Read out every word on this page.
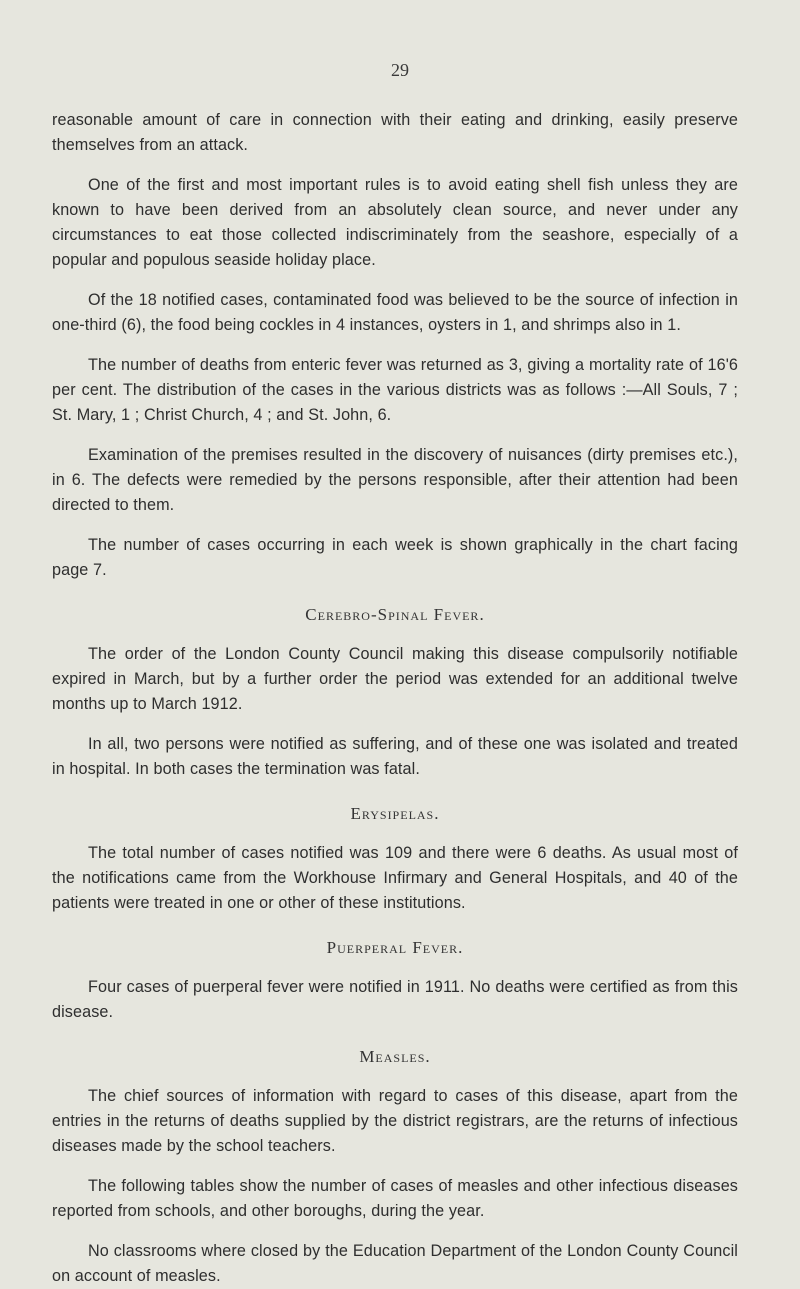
29

reasonable amount of care in connection with their eating and drinking, easily preserve themselves from an attack.

One of the first and most important rules is to avoid eating shell fish unless they are known to have been derived from an absolutely clean source, and never under any circumstances to eat those collected indiscriminately from the seashore, especially of a popular and populous seaside holiday place.

Of the 18 notified cases, contaminated food was believed to be the source of infection in one-third (6), the food being cockles in 4 instances, oysters in 1, and shrimps also in 1.

The number of deaths from enteric fever was returned as 3, giving a mortality rate of 16'6 per cent. The distribution of the cases in the various districts was as follows :—All Souls, 7 ; St. Mary, 1 ; Christ Church, 4 ; and St. John, 6.

Examination of the premises resulted in the discovery of nuisances (dirty premises etc.), in 6. The defects were remedied by the persons responsible, after their attention had been directed to them.

The number of cases occurring in each week is shown graphically in the chart facing page 7.

Cerebro-Spinal Fever.

The order of the London County Council making this disease compulsorily notifiable expired in March, but by a further order the period was extended for an additional twelve months up to March 1912.

In all, two persons were notified as suffering, and of these one was isolated and treated in hospital. In both cases the termination was fatal.

Erysipelas.

The total number of cases notified was 109 and there were 6 deaths. As usual most of the notifications came from the Workhouse Infirmary and General Hospitals, and 40 of the patients were treated in one or other of these institutions.

Puerperal Fever.

Four cases of puerperal fever were notified in 1911. No deaths were certified as from this disease.

Measles.

The chief sources of information with regard to cases of this disease, apart from the entries in the returns of deaths supplied by the district registrars, are the returns of infectious diseases made by the school teachers.

The following tables show the number of cases of measles and other infectious diseases reported from schools, and other boroughs, during the year.

No classrooms where closed by the Education Department of the London County Council on account of measles.
